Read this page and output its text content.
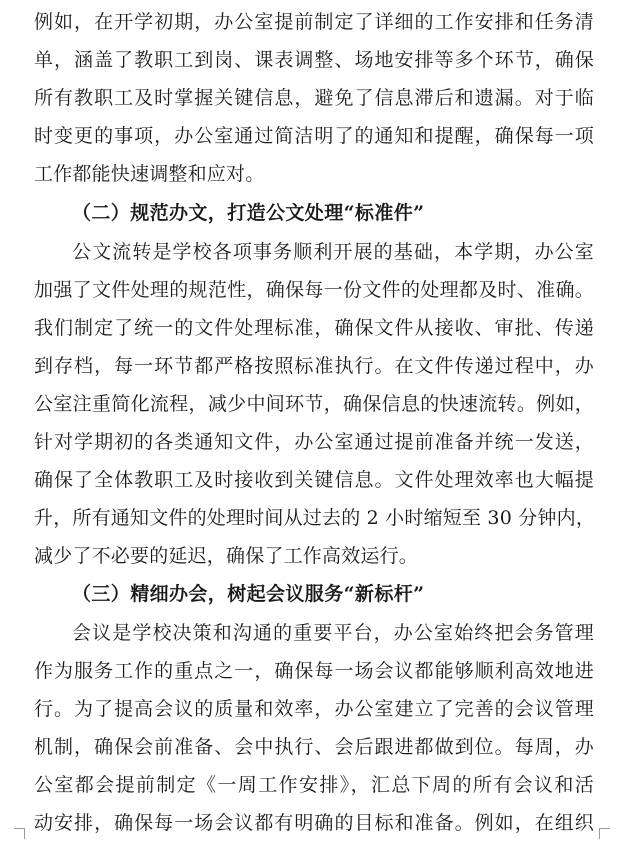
例如，在开学初期，办公室提前制定了详细的工作安排和任务清
单，涵盖了教职工到岗、课表调整、场地安排等多个环节，确保
所有教职工及时掌握关键信息，避免了信息滞后和遗漏。对于临
时变更的事项，办公室通过简洁明了的通知和提醒，确保每一项
工作都能快速调整和应对。
（二）规范办文，打造公文处理“标准件”
公文流转是学校各项事务顺利开展的基础，本学期，办公室
加强了文件处理的规范性，确保每一份文件的处理都及时、准确。
我们制定了统一的文件处理标准，确保文件从接收、审批、传递
到存档，每一环节都严格按照标准执行。在文件传递过程中，办
公室注重简化流程，减少中间环节，确保信息的快速流转。例如，
针对学期初的各类通知文件，办公室通过提前准备并统一发送，
确保了全体教职工及时接收到关键信息。文件处理效率也大幅提
升，所有通知文件的处理时间从过去的 2 小时缩短至 30 分钟内，
减少了不必要的延迟，确保了工作高效运行。
（三）精细办会，树起会议服务“新标杆”
会议是学校决策和沟通的重要平台，办公室始终把会务管理
作为服务工作的重点之一，确保每一场会议都能够顺利高效地进
行。为了提高会议的质量和效率，办公室建立了完善的会议管理
机制，确保会前准备、会中执行、会后跟进都做到位。每周，办
公室都会提前制定《一周工作安排》，汇总下周的所有会议和活
动安排，确保每一场会议都有明确的目标和准备。例如，在组织
